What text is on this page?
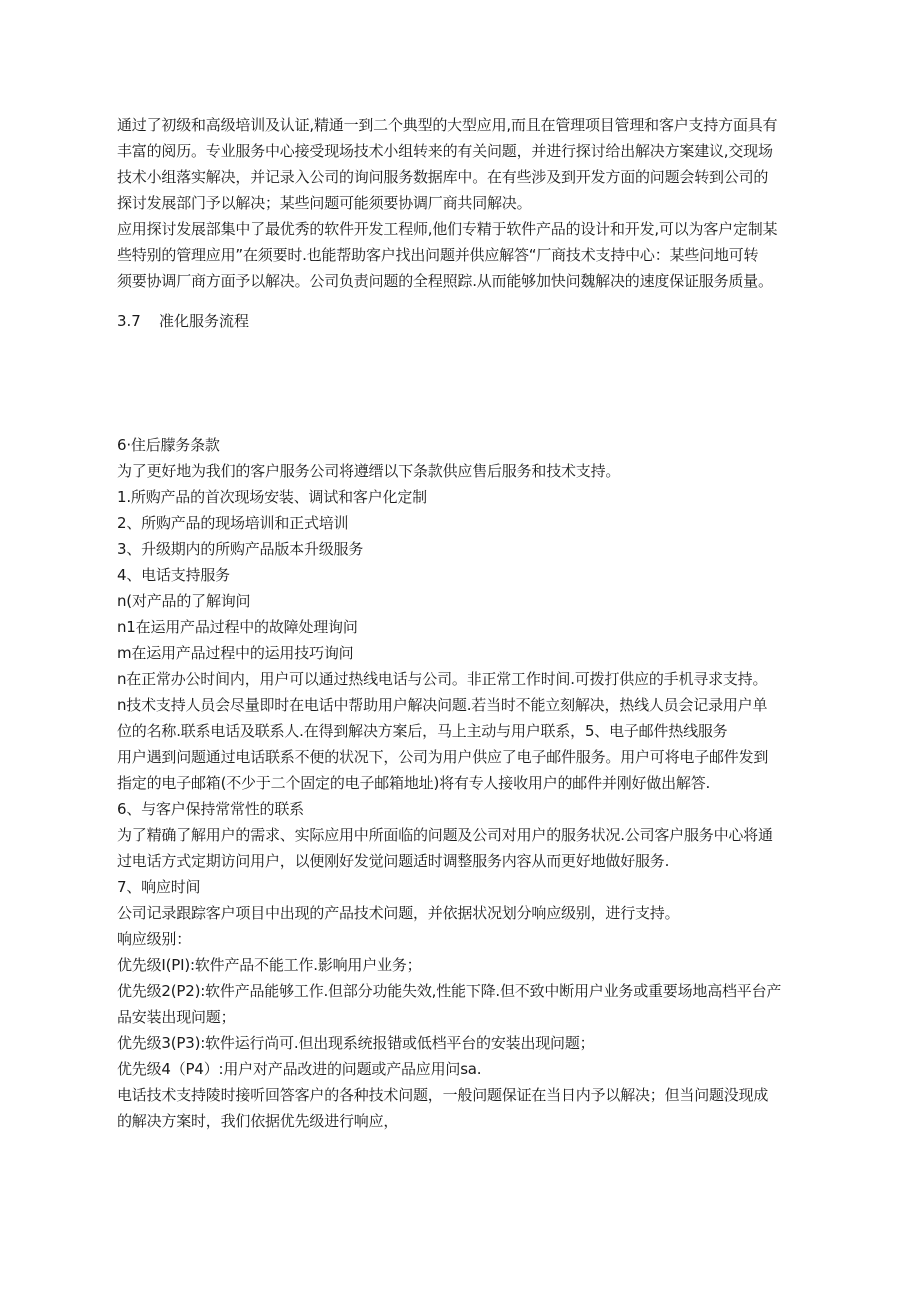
通过了初级和高级培训及认证,精通一到二个典型的大型应用,而且在管理项目管理和客户支持方面具有
丰富的阅历。专业服务中心接受现场技术小组转来的有关问题，并进行探讨给出解决方案建议,交现场
技术小组落实解决，并记录入公司的询问服务数据库中。在有些涉及到开发方面的问题会转到公司的
探讨发展部门予以解决；某些问题可能须要协调厂商共同解决。
应用探讨发展部集中了最优秀的软件开发工程师,他们专精于软件产品的设计和开发,可以为客户定制某
些特别的管理应用”在须要时.也能帮助客户找出问题并供应解答“厂商技术支持中心：某些问地可转
须要协调厂商方面予以解决。公司负责问题的全程照踪.从而能够加快问魏解决的速度保证服务质量。
3.7 准化服务流程
6·住后朦务条款
为了更好地为我们的客户服务公司将遵缙以下条款供应售后服务和技术支持。
1.所购产品的首次现场安装、调试和客户化定制
2、所购产品的现场培训和正式培训
3、升级期内的所购产品版本升级服务
4、电话支持服务
n(对产品的了解询问
n1在运用产品过程中的故障处理询问
m在运用产品过程中的运用技巧询问
n在正常办公时间内，用户可以通过热线电话与公司。非正常工作时间.可拨打供应的手机寻求支持。
n技术支持人员会尽量即时在电话中帮助用户解决问题.若当时不能立刻解决，热线人员会记录用户单
位的名称.联系电话及联系人.在得到解决方案后，马上主动与用户联系，5、电子邮件热线服务
用户遇到问题通过电话联系不便的状况下，公司为用户供应了电子邮件服务。用户可将电子邮件发到
指定的电子邮箱(不少于二个固定的电子邮箱地址)将有专人接收用户的邮件并刚好做出解答.
6、与客户保持常常性的联系
为了精确了解用户的需求、实际应用中所面临的问题及公司对用户的服务状况.公司客户服务中心将通
过电话方式定期访问用户，以便刚好发觉问题适时调整服务内容从而更好地做好服务.
7、响应时间
公司记录跟踪客户项目中出现的产品技术问题，并依据状况划分响应级别，进行支持。
响应级别：
优先级I(PI):软件产品不能工作.影响用户业务；
优先级2(P2):软件产品能够工作.但部分功能失效,性能下降.但不致中断用户业务或重要场地高档平台产
品安装出现问题；
优先级3(P3):软件运行尚可.但出现系统报错或低档平台的安装出现问题；
优先级4（P4）:用户对产品改进的问题或产品应用问sa.
电话技术支持陵时接听回答客户的各种技术问题，一般问题保证在当日内予以解决；但当问题没现成
的解决方案时，我们依据优先级进行响应，
